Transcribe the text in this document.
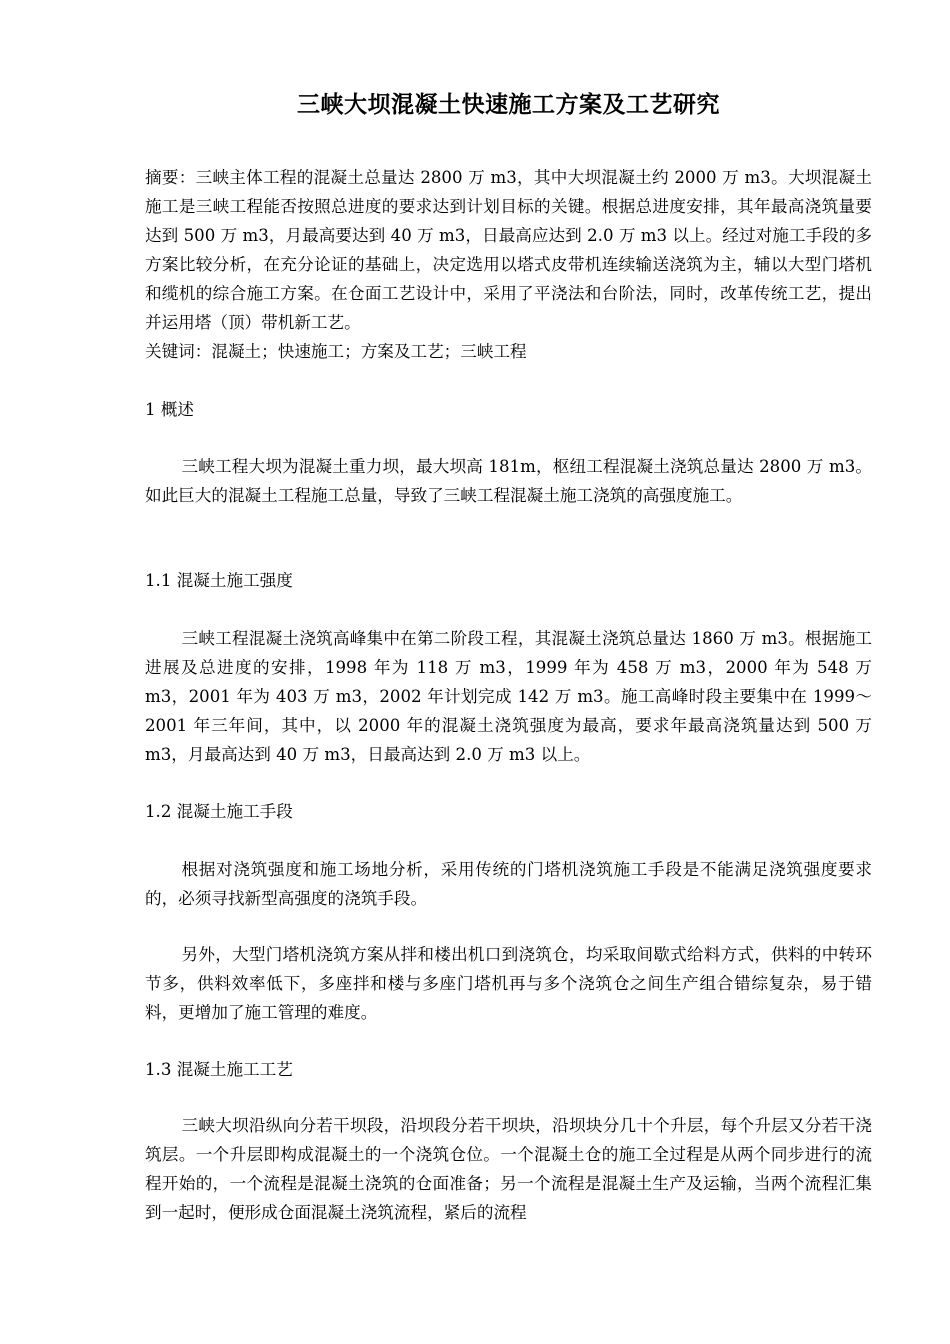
三峡大坝混凝土快速施工方案及工艺研究

摘要：三峡主体工程的混凝土总量达 2800 万 m3，其中大坝混凝土约 2000 万 m3。大坝混凝土施工是三峡工程能否按照总进度的要求达到计划目标的关键。根据总进度安排，其年最高浇筑量要达到 500 万 m3，月最高要达到 40 万 m3，日最高应达到 2.0 万 m3 以上。经过对施工手段的多方案比较分析，在充分论证的基础上，决定选用以塔式皮带机连续输送浇筑为主，辅以大型门塔机和缆机的综合施工方案。在仓面工艺设计中，采用了平浇法和台阶法，同时，改革传统工艺，提出并运用塔（顶）带机新工艺。

关键词：混凝土；快速施工；方案及工艺；三峡工程

1 概述

三峡工程大坝为混凝土重力坝，最大坝高 181m，枢纽工程混凝土浇筑总量达 2800 万 m3。如此巨大的混凝土工程施工总量，导致了三峡工程混凝土施工浇筑的高强度施工。

1.1 混凝土施工强度

三峡工程混凝土浇筑高峰集中在第二阶段工程，其混凝土浇筑总量达 1860 万 m3。根据施工进展及总进度的安排，1998 年为 118 万 m3，1999 年为 458 万 m3，2000 年为 548 万 m3，2001 年为 403 万 m3，2002 年计划完成 142 万 m3。施工高峰时段主要集中在 1999～2001 年三年间，其中，以 2000 年的混凝土浇筑强度为最高，要求年最高浇筑量达到 500 万 m3，月最高达到 40 万 m3，日最高达到 2.0 万 m3 以上。

1.2 混凝土施工手段

根据对浇筑强度和施工场地分析，采用传统的门塔机浇筑施工手段是不能满足浇筑强度要求的，必须寻找新型高强度的浇筑手段。

另外，大型门塔机浇筑方案从拌和楼出机口到浇筑仓，均采取间歇式给料方式，供料的中转环节多，供料效率低下，多座拌和楼与多座门塔机再与多个浇筑仓之间生产组合错综复杂，易于错料，更增加了施工管理的难度。

1.3 混凝土施工工艺

三峡大坝沿纵向分若干坝段，沿坝段分若干坝块，沿坝块分几十个升层，每个升层又分若干浇筑层。一个升层即构成混凝土的一个浇筑仓位。一个混凝土仓的施工全过程是从两个同步进行的流程开始的，一个流程是混凝土浇筑的仓面准备；另一个流程是混凝土生产及运输，当两个流程汇集到一起时，便形成仓面混凝土浇筑流程，紧后的流程
